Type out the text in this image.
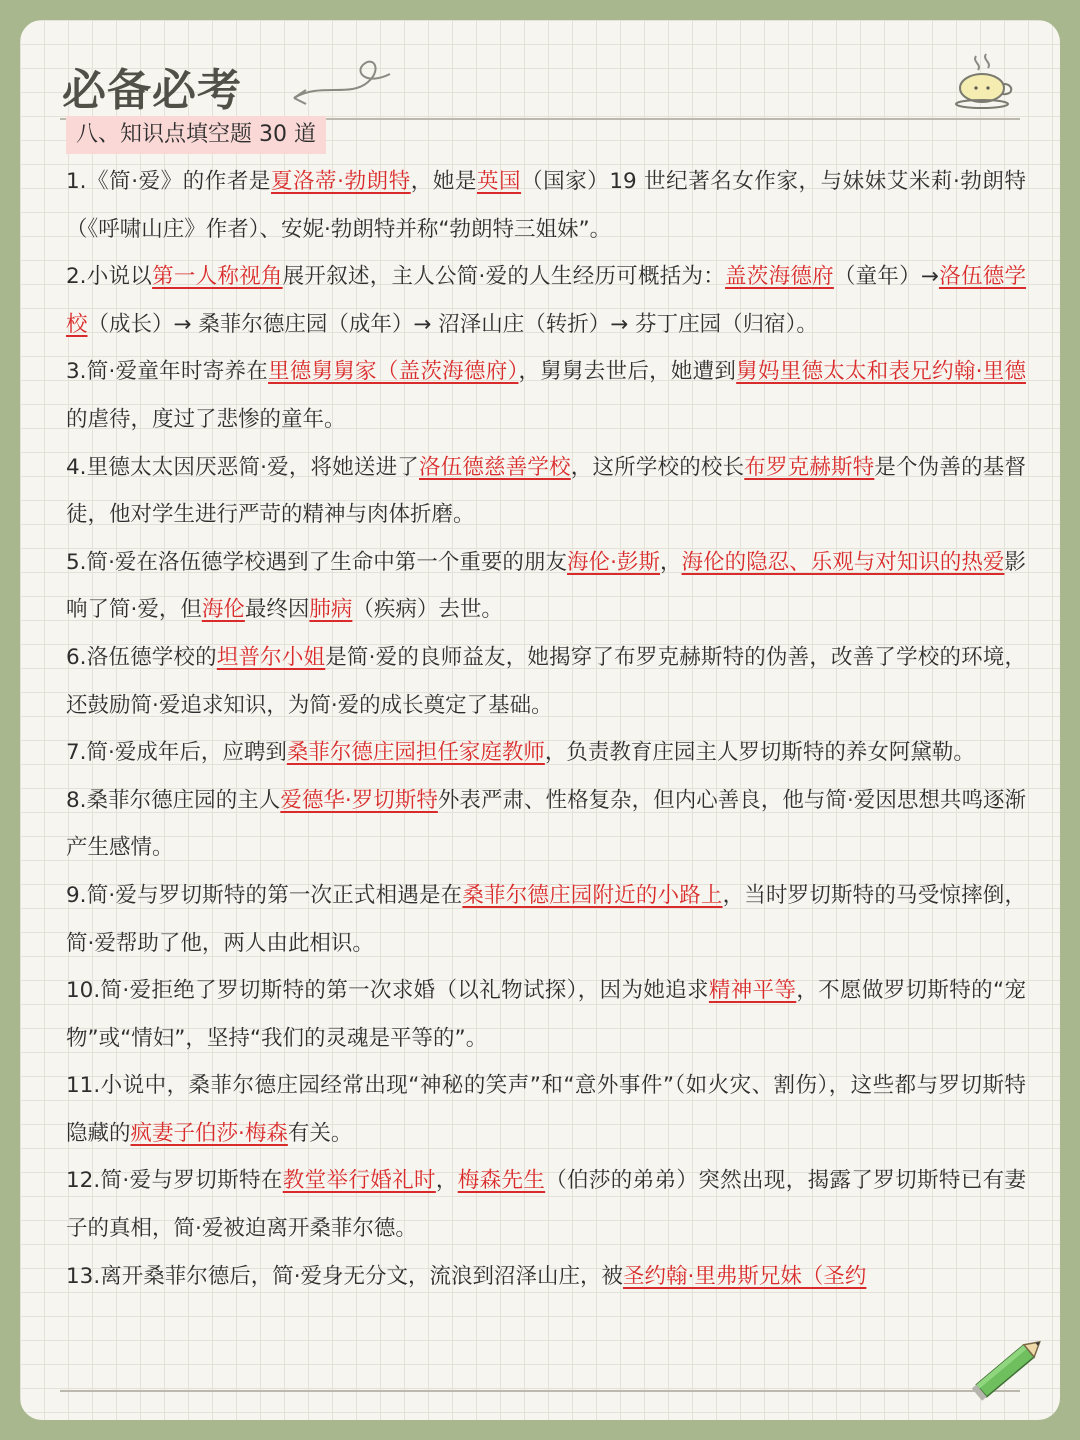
必备必考
八、知识点填空题 30 道

1.《简·爱》的作者是夏洛蒂·勃朗特，她是英国（国家）19 世纪著名女作家，与妹妹艾米莉·勃朗特（《呼啸山庄》作者）、安妮·勃朗特并称“勃朗特三姐妹”。

2.小说以第一人称视角展开叙述，主人公简·爱的人生经历可概括为：盖茨海德府（童年）→洛伍德学校（成长）→ 桑菲尔德庄园（成年）→ 沼泽山庄（转折）→ 芬丁庄园（归宿）。

3.简·爱童年时寄养在里德舅舅家（盖茨海德府），舅舅去世后，她遭到舅妈里德太太和表兄约翰·里德的虐待，度过了悲惨的童年。

4.里德太太因厌恶简·爱，将她送进了洛伍德慈善学校，这所学校的校长布罗克赫斯特是个伪善的基督徒，他对学生进行严苛的精神与肉体折磨。

5.简·爱在洛伍德学校遇到了生命中第一个重要的朋友海伦·彭斯，海伦的隐忍、乐观与对知识的热爱影响了简·爱，但海伦最终因肺病（疾病）去世。

6.洛伍德学校的坦普尔小姐是简·爱的良师益友，她揭穿了布罗克赫斯特的伪善，改善了学校的环境，还鼓励简·爱追求知识，为简·爱的成长奠定了基础。

7.简·爱成年后，应聘到桑菲尔德庄园担任家庭教师，负责教育庄园主人罗切斯特的养女阿黛勒。

8.桑菲尔德庄园的主人爱德华·罗切斯特外表严肃、性格复杂，但内心善良，他与简·爱因思想共鸣逐渐产生感情。

9.简·爱与罗切斯特的第一次正式相遇是在桑菲尔德庄园附近的小路上，当时罗切斯特的马受惊摔倒，简·爱帮助了他，两人由此相识。

10.简·爱拒绝了罗切斯特的第一次求婚（以礼物试探），因为她追求精神平等，不愿做罗切斯特的“宠物”或“情妇”，坚持“我们的灵魂是平等的”。

11.小说中，桑菲尔德庄园经常出现“神秘的笑声”和“意外事件”（如火灾、割伤），这些都与罗切斯特隐藏的疯妻子伯莎·梅森有关。

12.简·爱与罗切斯特在教堂举行婚礼时，梅森先生（伯莎的弟弟）突然出现，揭露了罗切斯特已有妻子的真相，简·爱被迫离开桑菲尔德。

13.离开桑菲尔德后，简·爱身无分文，流浪到沼泽山庄，被圣约翰·里弗斯兄妹（圣约
